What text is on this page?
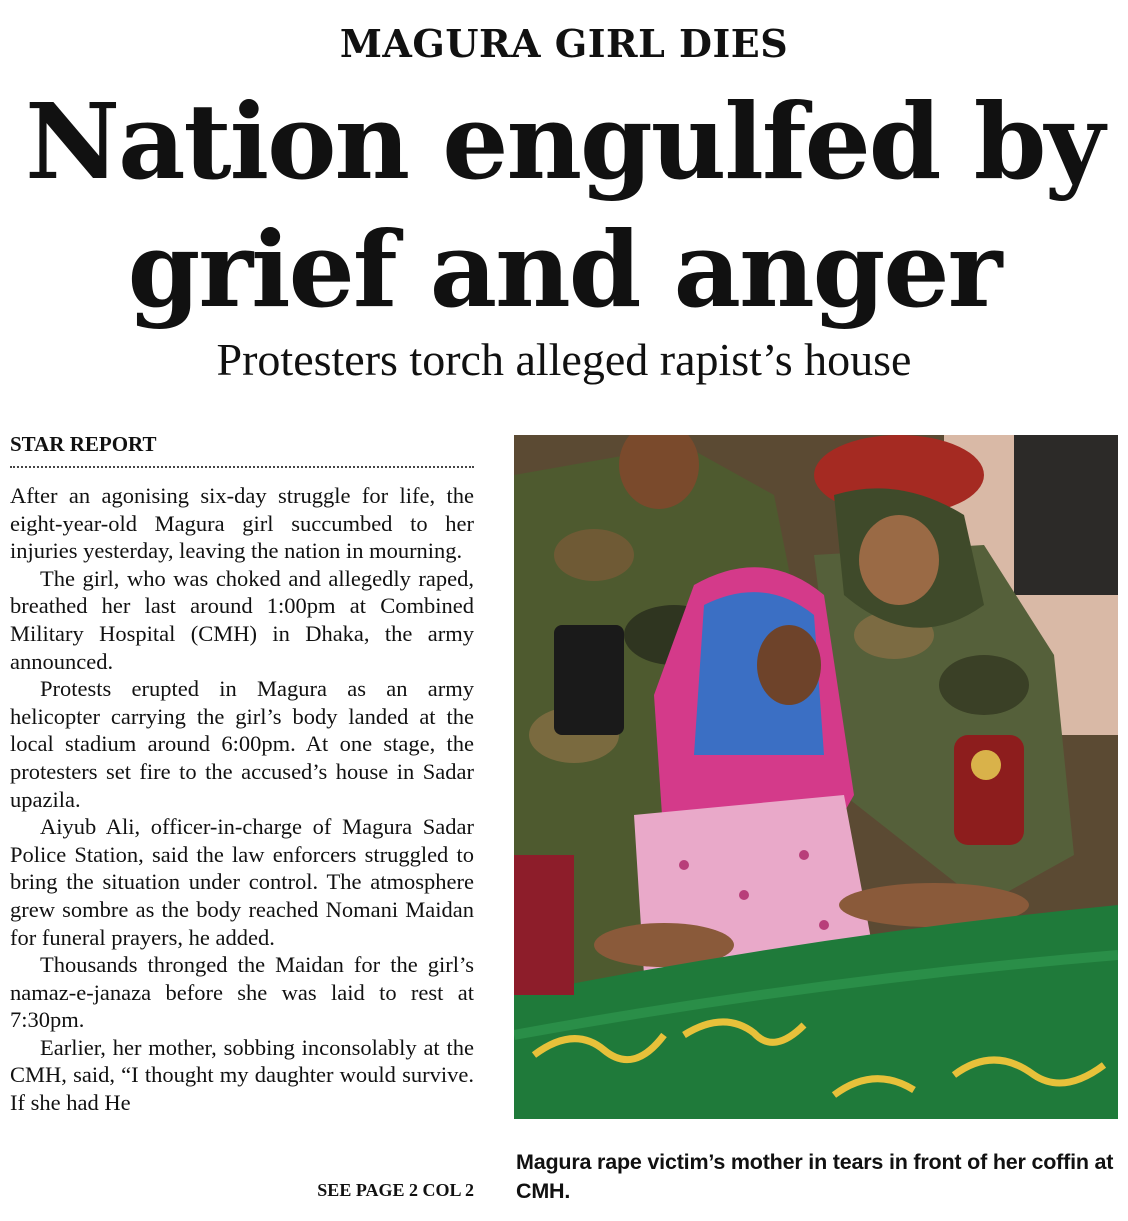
MAGURA GIRL DIES
Nation engulfed by
grief and anger
Protesters torch alleged rapist’s house
STAR REPORT

After an agonising six-day struggle for life, the eight-year-old Magura girl succumbed to her injuries yesterday, leaving the nation in mourning.

The girl, who was choked and allegedly raped, breathed her last around 1:00pm at Combined Military Hospital (CMH) in Dhaka, the army announced.

Protests erupted in Magura as an army helicopter carrying the girl’s body landed at the local stadium around 6:00pm. At one stage, the protesters set fire to the accused’s house in Sadar upazila.

Aiyub Ali, officer-in-charge of Magura Sadar Police Station, said the law enforcers struggled to bring the situation under control. The atmosphere grew sombre as the body reached Nomani Maidan for funeral prayers, he added.

Thousands thronged the Maidan for the girl’s namaz-e-janaza before she was laid to rest at 7:30pm.

Earlier, her mother, sobbing inconsolably at the CMH, said, “I thought my daughter would survive. If she had He

SEE PAGE 2 COL 2
Magura rape victim’s mother in tears in front of her coffin at CMH.
